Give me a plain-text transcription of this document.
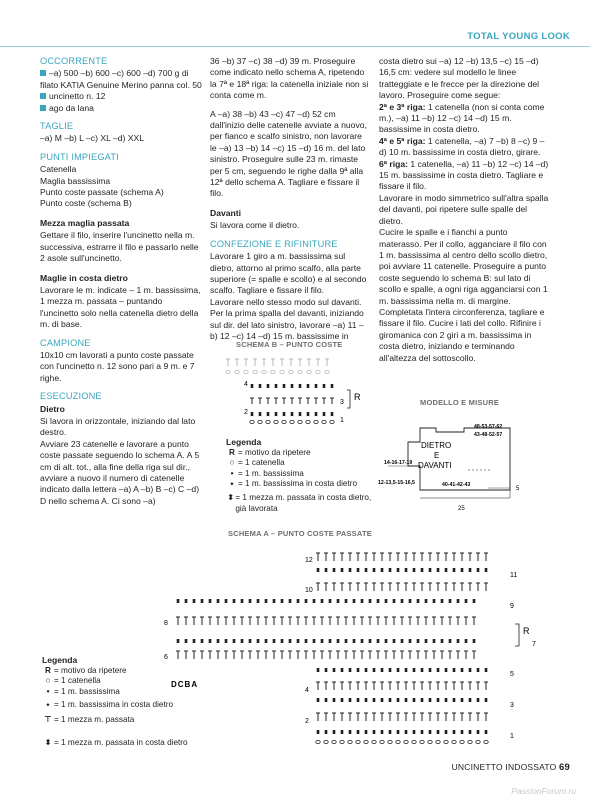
TOTAL YOUNG LOOK
OCCORRENTE
–a) 500 –b) 600 –c) 600 –d) 700 g di filato KATIA Genuine Merino panna col. 50
uncinetto n. 12
ago da lana
TAGLIE
–a) M –b) L –c) XL –d) XXL
PUNTI IMPIEGATI
Catenella
Maglia bassissima
Punto coste passate (schema A)
Punto coste (schema B)
Mezza maglia passata
Gettare il filo, inserire l'uncinetto nella m. successiva, estrarre il filo e passarlo nelle 2 asole sull'uncinetto.
Maglie in costa dietro
Lavorare le m. indicate – 1 m. bassissima, 1 mezza m. passata – puntando l'uncinetto solo nella catenella dietro della m. di base.
CAMPIONE
10x10 cm lavorati a punto coste passate con l'uncinetto n. 12 sono pari a 9 m. e 7 righe.
ESECUZIONE
Dietro
Si lavora in orizzontale, iniziando dal lato destro.
Avviare 23 catenelle e lavorare a punto coste passate seguendo lo schema A. A 5 cm di alt. tot., alla fine della riga sul dir., avviare a nuovo il numero di catenelle indicato dalla lettera –a) A –b) B –c) C –d) D nello schema A. Ci sono –a)

36 –b) 37 –c) 38 –d) 39 m. Proseguire come indicato nello schema A, ripetendo la 7ª e 18ª riga: la catenella iniziale non si conta come m.

A –a) 38 –b) 43 –c) 47 –d) 52 cm dall'inizio delle catenelle avviate a nuovo, per fianco e scalfo sinistro, non lavorare le –a) 13 –b) 14 –c) 15 –d) 16 m. del lato sinistro. Proseguire sulle 23 m. rimaste per 5 cm, seguendo le righe dalla 9ª alla 12ª dello schema A. Tagliare e fissare il filo.

Davanti
Si lavora come il dietro.
CONFEZIONE E RIFINITURE
Lavorare 1 giro a m. bassissima sul dietro, attorno al primo scalfo, alla parte superiore (= spalle e scollo) e al secondo scalfo. Tagliare e fissare il filo.
Lavorare nello stesso modo sul davanti. Per la prima spalla del davanti, iniziando sul dir. del lato sinistro, lavorare –a) 11 –b) 12 –c) 14 –d) 15 m. bassissime in
costa dietro sui –a) 12 –b) 13,5 –c) 15 –d) 16,5 cm: vedere sul modello le linee tratteggiate e le frecce per la direzione del lavoro. Proseguire come segue:
2ª e 3ª riga: 1 catenella (non si conta come m.), –a) 11 –b) 12 –c) 14 –d) 15 m. bassissime in costa dietro.
4ª e 5ª riga: 1 catenella, –a) 7 –b) 8 –c) 9 –d) 10 m. bassissime in costa dietro, girare.
6ª riga: 1 catenella, –a) 11 –b) 12 –c) 14 –d) 15 m. bassissime in costa dietro. Tagliare e fissare il filo.
Lavorare in modo simmetrico sull'altra spalla del davanti, poi ripetere sulle spalle del dietro.
Cucire le spalle e i fianchi a punto materasso. Per il collo, agganciare il filo con 1 m. bassissima al centro dello scollo dietro, poi avviare 11 catenelle. Proseguire a punto coste seguendo lo schema B: sul lato di scollo e spalle, a ogni riga agganciarsi con 1 m. bassissima nella m. di margine. Completata l'intera circonferenza, tagliare e fissare il filo. Cucire i lati del collo. Rifinire i giromanica con 2 giri a m. bassissima in costa dietro, iniziando e terminando all'altezza del sottoscollo.
SCHEMA B – PUNTO COSTE
4
3
2
1
R
Legenda
R = motivo da ripetere
○ = 1 catenella
• = 1 m. bassissima
⬩ = 1 m. bassissima in costa dietro
⬍ = 1 mezza m. passata in costa dietro, già lavorata
MODELLO E MISURE
DIETRO
E
DAVANTI
48-53-57-62
43-48-52-57
14-16-17-19
12-13,5-15-16,5	40-41-42-43
5
25
SCHEMA A – PUNTO COSTE PASSATE
12
10
8
6
4
2
11
9
7
5
3
1
R
DCBA
Legenda
R = motivo da ripetere
○ = 1 catenella
• = 1 m. bassissima
⬩ = 1 m. bassissima in costa dietro
⊤ = 1 mezza m. passata
⬍ = 1 mezza m. passata in costa dietro
UNCINETTO INDOSSATO 69
PassionForum.ru
